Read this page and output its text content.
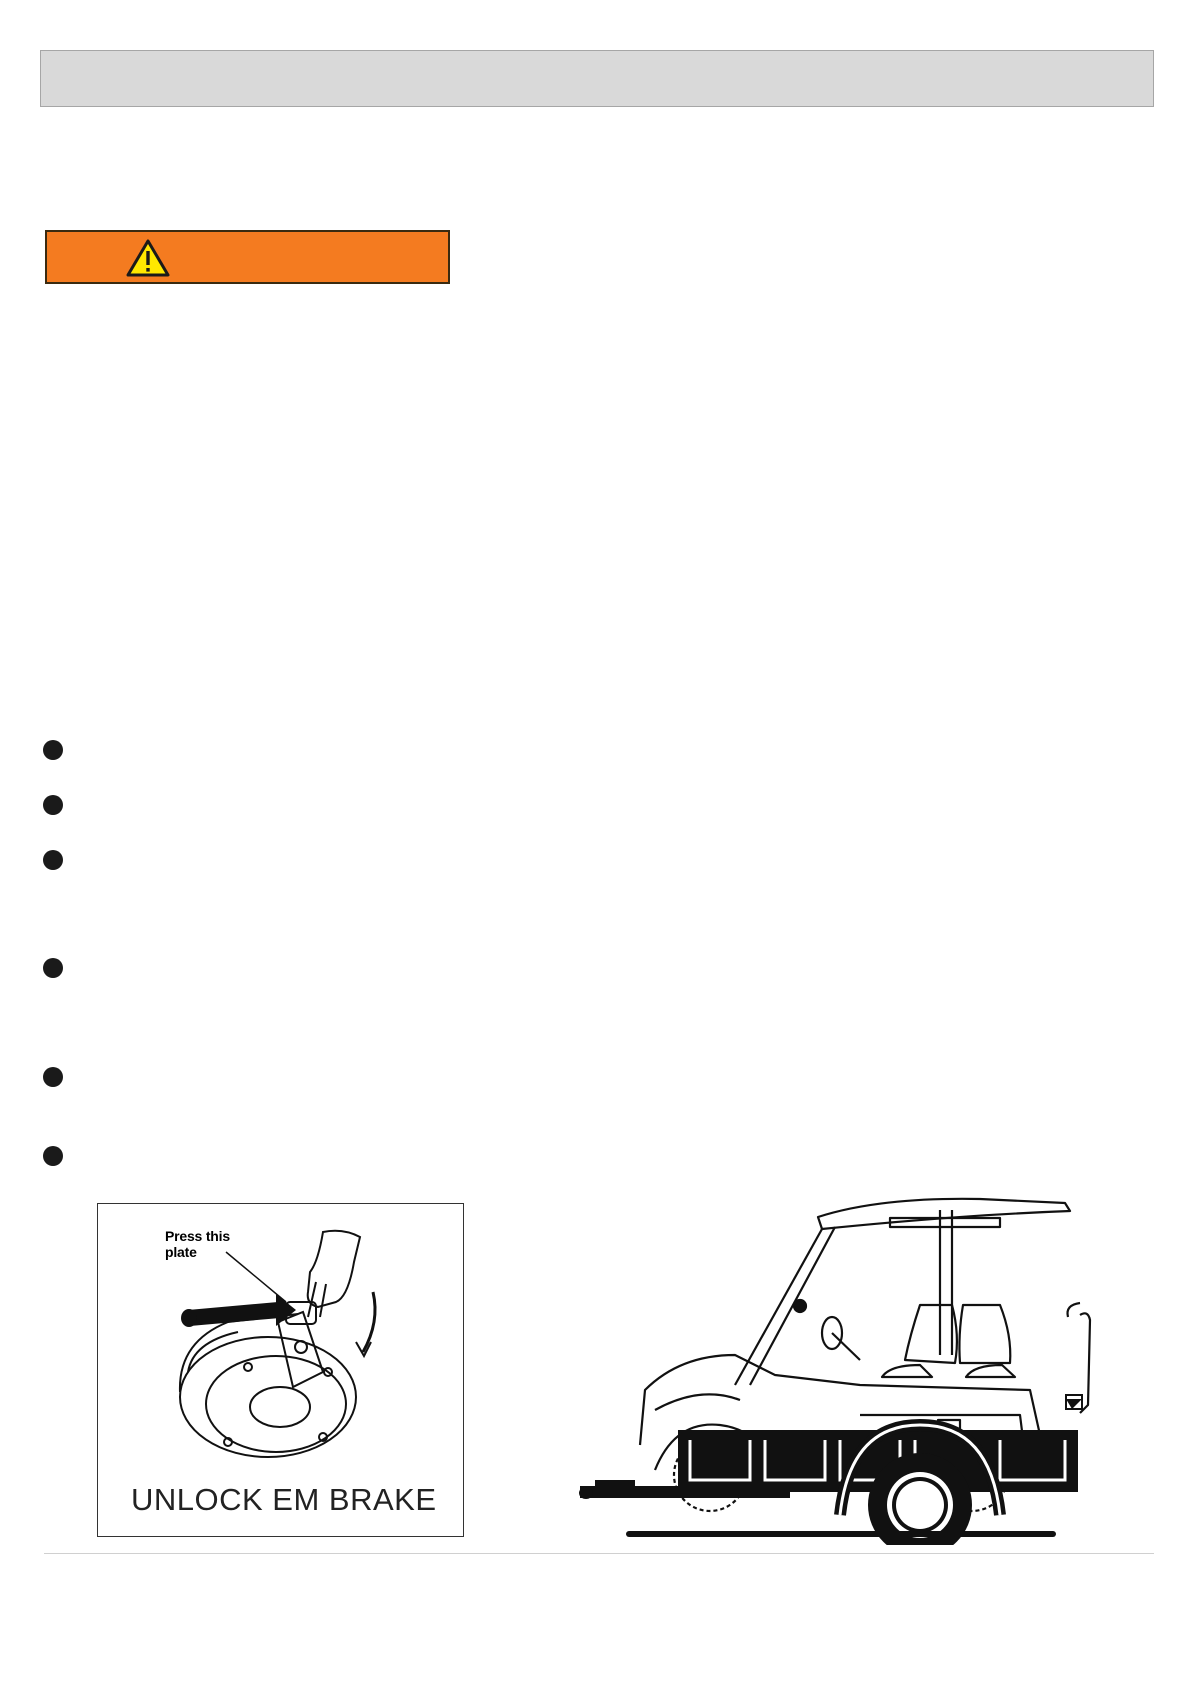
Press this
plate
UNLOCK EM BRAKE
